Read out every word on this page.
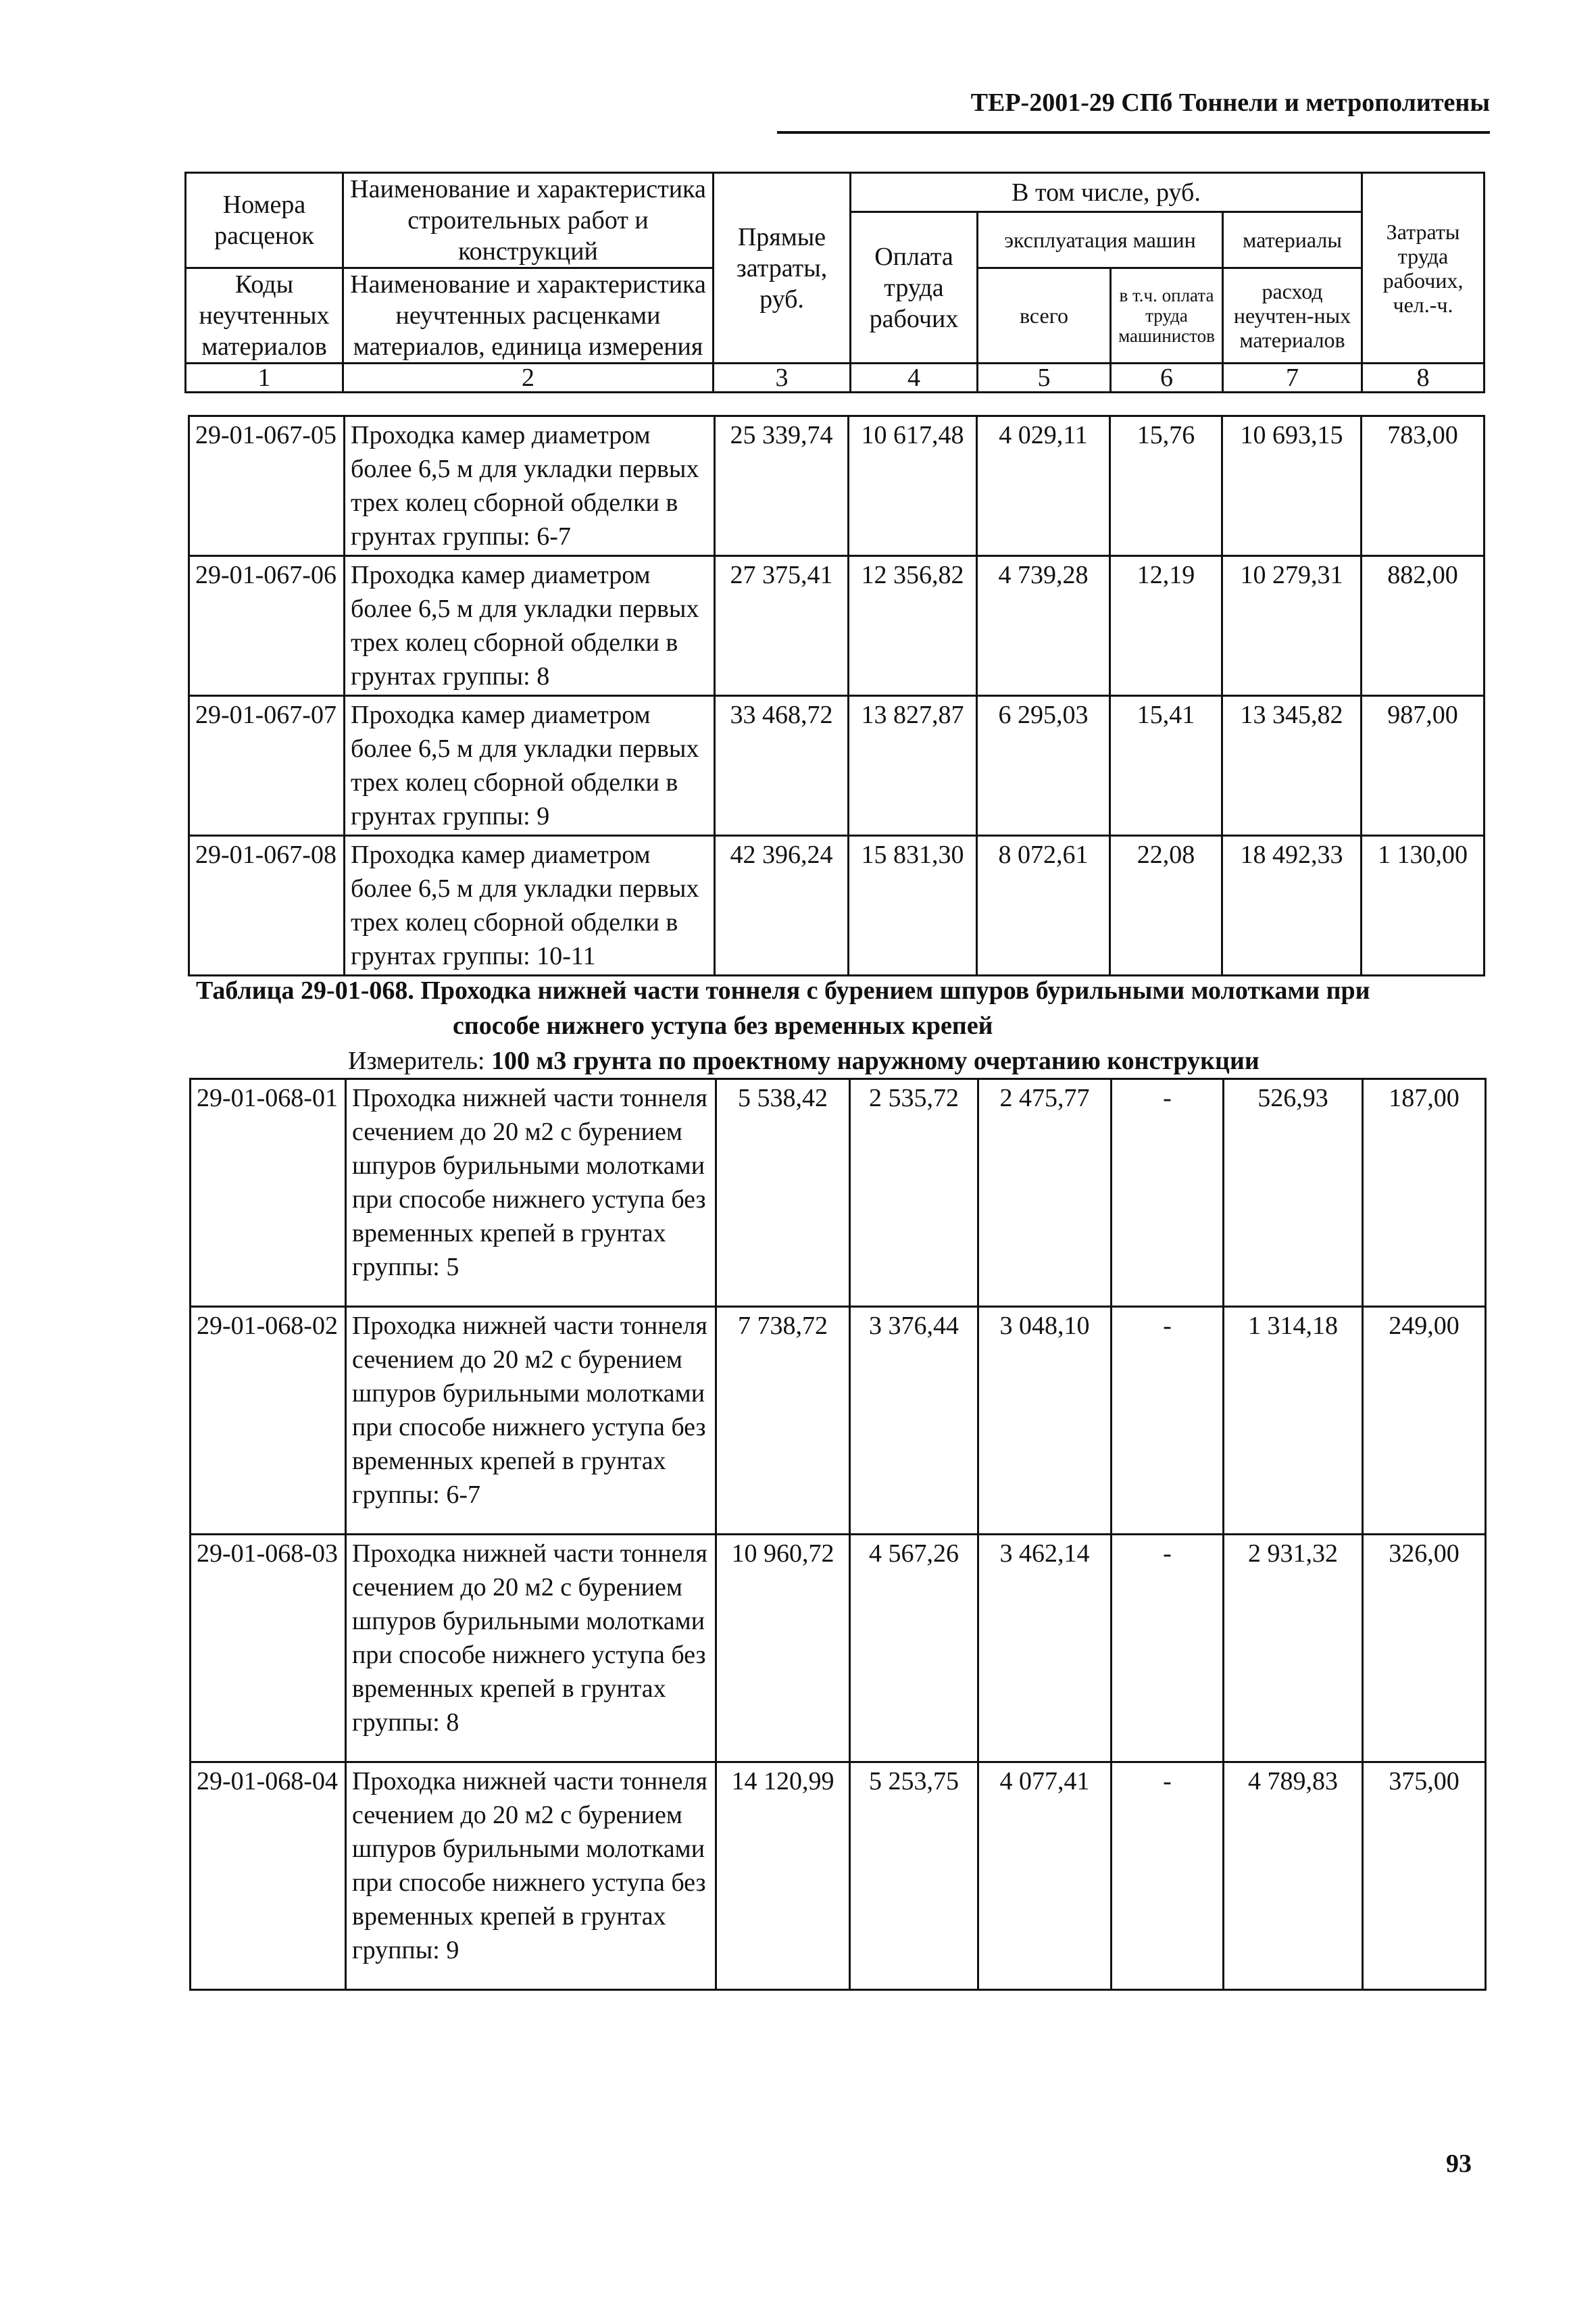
ТЕР-2001-29 СПб Тоннели и метрополитены
Номера расценок	Наименование и характеристика строительных работ и конструкций	Прямые затраты, руб.	В том числе, руб.				Затраты труда рабочих, чел.-ч.
			Оплата труда рабочих	эксплуатация машин		материалы	
Коды неучтенных материалов	Наименование и характеристика неучтенных расценками материалов, единица измерения			всего	в т.ч. оплата труда машинистов	расход неучтен-ных материалов	

1	2	3	4	5	6	7	8
29-01-067-05	Проходка камер диаметром более 6,5 м для укладки первых трех колец сборной обделки в грунтах группы: 6-7	25 339,74	10 617,48	4 029,11	15,76	10 693,15	783,00
29-01-067-06	Проходка камер диаметром более 6,5 м для укладки первых трех колец сборной обделки в грунтах группы: 8	27 375,41	12 356,82	4 739,28	12,19	10 279,31	882,00
29-01-067-07	Проходка камер диаметром более 6,5 м для укладки первых трех колец сборной обделки в грунтах группы: 9	33 468,72	13 827,87	6 295,03	15,41	13 345,82	987,00
29-01-067-08	Проходка камер диаметром более 6,5 м для укладки первых трех колец сборной обделки в грунтах группы: 10-11	42 396,24	15 831,30	8 072,61	22,08	18 492,33	1 130,00
Таблица 29-01-068. Проходка нижней части тоннеля с бурением шпуров бурильными молотками при
способе нижнего уступа без временных крепей
Измеритель: 100 м3 грунта по проектному наружному очертанию конструкции
29-01-068-01	Проходка нижней части тоннеля сечением до 20 м2 с бурением шпуров бурильными молотками при способе нижнего уступа без временных крепей в грунтах группы: 5	5 538,42	2 535,72	2 475,77	-	526,93	187,00
29-01-068-02	Проходка нижней части тоннеля сечением до 20 м2 с бурением шпуров бурильными молотками при способе нижнего уступа без временных крепей в грунтах группы: 6-7	7 738,72	3 376,44	3 048,10	-	1 314,18	249,00
29-01-068-03	Проходка нижней части тоннеля сечением до 20 м2 с бурением шпуров бурильными молотками при способе нижнего уступа без временных крепей в грунтах группы: 8	10 960,72	4 567,26	3 462,14	-	2 931,32	326,00
29-01-068-04	Проходка нижней части тоннеля сечением до 20 м2 с бурением шпуров бурильными молотками при способе нижнего уступа без временных крепей в грунтах группы: 9	14 120,99	5 253,75	4 077,41	-	4 789,83	375,00
93
